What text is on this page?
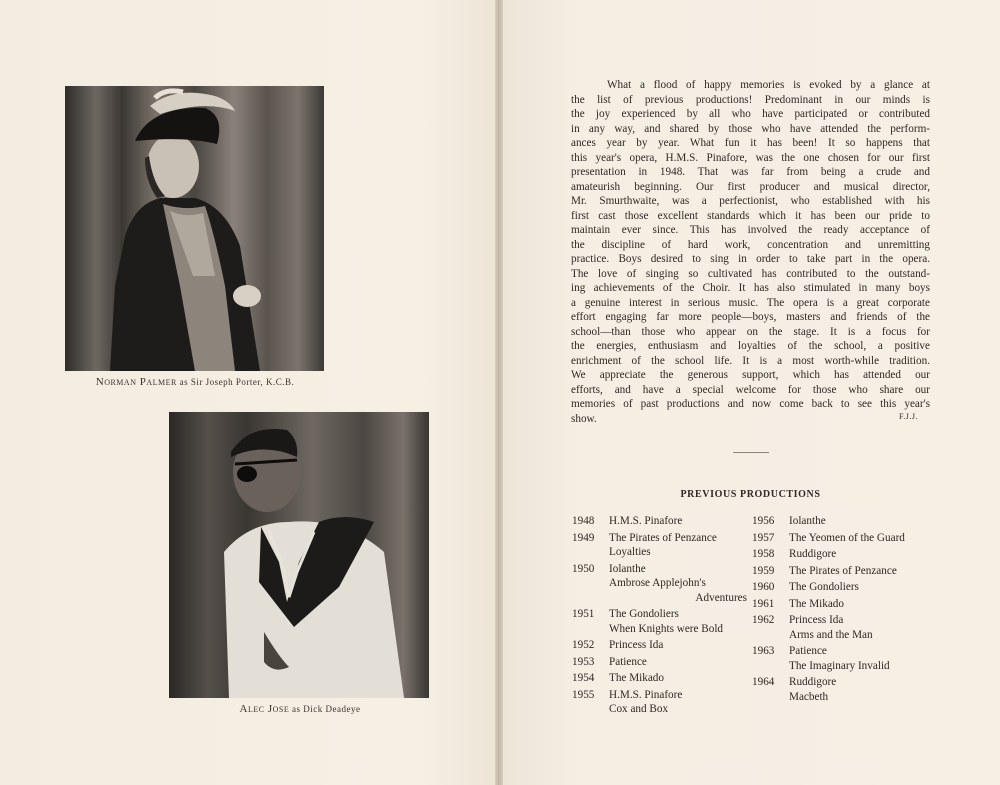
Norman Palmer as Sir Joseph Porter, K.C.B.
Alec Jose as Dick Deadeye
What a flood of happy memories is evoked by a glance at
the list of previous productions! Predominant in our minds is
the joy experienced by all who have participated or contributed
in any way, and shared by those who have attended the perform-
ances year by year. What fun it has been! It so happens that
this year's opera, H.M.S. Pinafore, was the one chosen for our first
presentation in 1948. That was far from being a crude and
amateurish beginning. Our first producer and musical director,
Mr. Smurthwaite, was a perfectionist, who established with his
first cast those excellent standards which it has been our pride to
maintain ever since. This has involved the ready acceptance of
the discipline of hard work, concentration and unremitting
practice. Boys desired to sing in order to take part in the opera.
The love of singing so cultivated has contributed to the outstand-
ing achievements of the Choir. It has also stimulated in many boys
a genuine interest in serious music. The opera is a great corporate
effort engaging far more people—boys, masters and friends of the
school—than those who appear on the stage. It is a focus for
the energies, enthusiasm and loyalties of the school, a positive
enrichment of the school life. It is a most worth-while tradition.
We appreciate the generous support, which has attended our
efforts, and have a special welcome for those who share our
memories of past productions and now come back to see this year's
show.	F.J.J.
PREVIOUS PRODUCTIONS
1948	H.M.S. Pinafore
1949	The Pirates of Penzance
Loyalties
1950	Iolanthe
Ambrose Applejohn's
Adventures
1951	The Gondoliers
When Knights were Bold
1952	Princess Ida
1953	Patience
1954	The Mikado
1955	H.M.S. Pinafore
Cox and Box
1956	Iolanthe
1957	The Yeomen of the Guard
1958	Ruddigore
1959	The Pirates of Penzance
1960	The Gondoliers
1961	The Mikado
1962	Princess Ida
Arms and the Man
1963	Patience
The Imaginary Invalid
1964	Ruddigore
Macbeth
